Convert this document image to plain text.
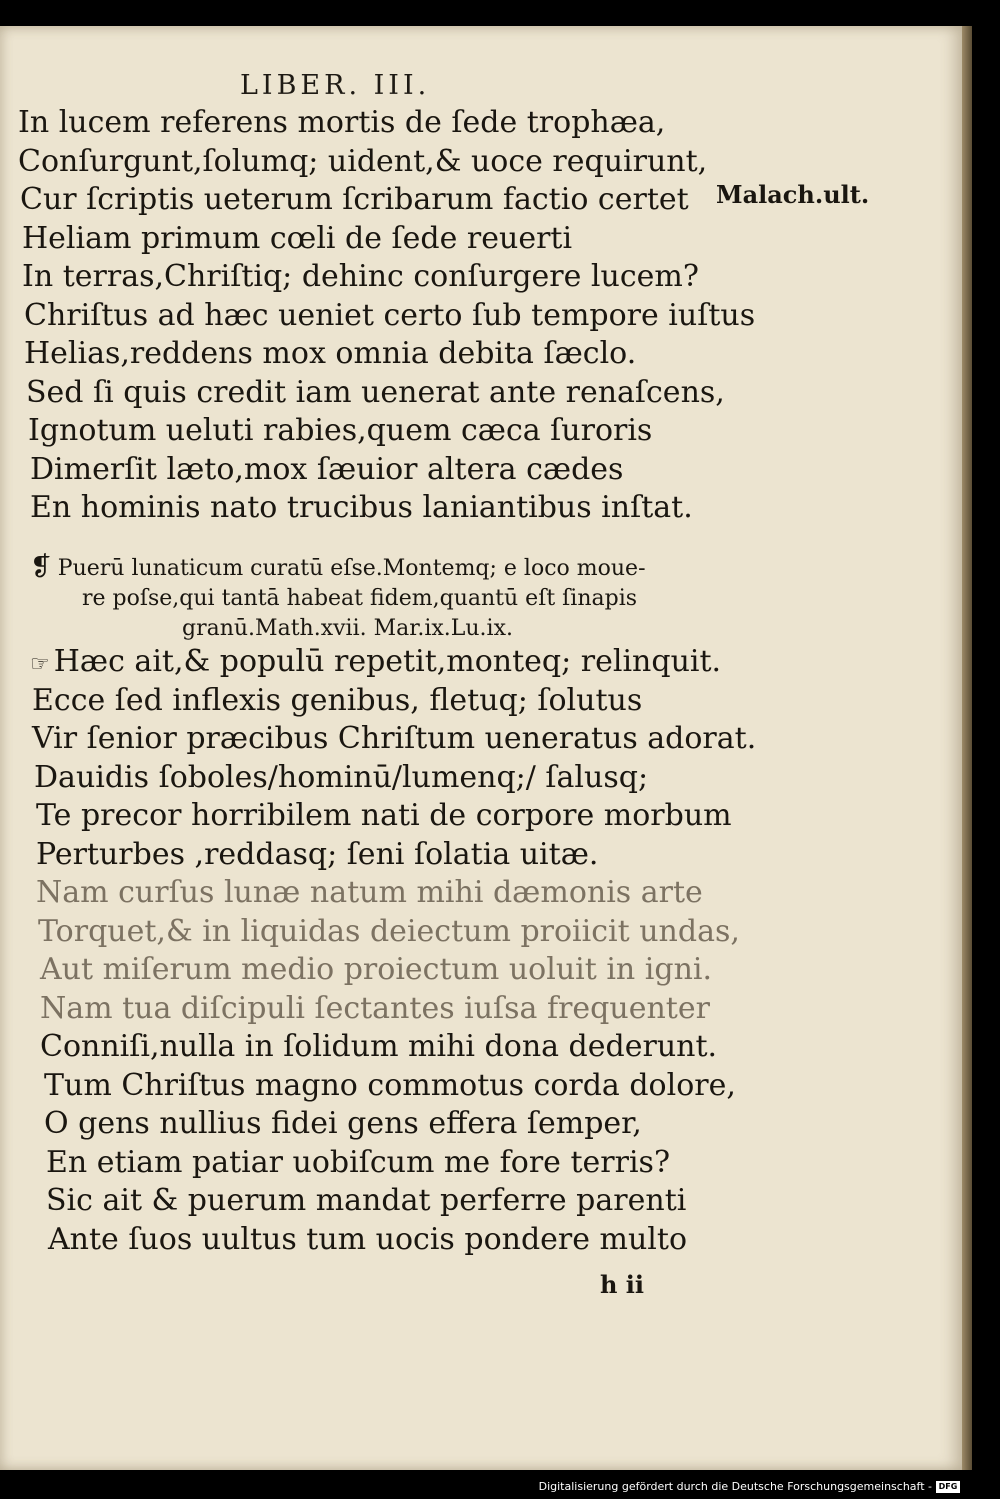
LIBER. III.
In lucem referens mortis de ſede trophæa,
Conſurgunt,ſolumq; uident,& uoce requirunt,
Cur ſcriptis ueterum ſcribarum factio certet
Heliam primum cœli de ſede reuerti
In terras,Chriſtiq; dehinc conſurgere lucem?
Chriſtus ad hæc ueniet certo ſub tempore iuſtus
Helias,reddens mox omnia debita ſæclo.
Sed ſi quis credit iam uenerat ante renaſcens,
Ignotum ueluti rabies,quem cæca ſuroris
Dimerſit læto,mox ſæuior altera cædes
En hominis nato trucibus laniantibus inſtat.
Malach.ult.
❡ Puerū lunaticum curatū eſse.Montemq; e loco moue-
re poſse,qui tantā habeat fidem,quantū eſt ſinapis
granū.Math.xvii. Mar.ix.Lu.ix.
☞ Hæc ait,& populū repetit,monteq; relinquit.
Ecce ſed inflexis genibus, fletuq; ſolutus
Vir ſenior præcibus Chriſtum ueneratus adorat.
Dauidis ſoboles/hominū/lumenq;/ ſalusq;
Te precor horribilem nati de corpore morbum
Perturbes ,reddasq; ſeni ſolatia uitæ.
Nam curſus lunæ natum mihi dæmonis arte
Torquet,& in liquidas deiectum proiicit undas,
Aut miſerum medio proiectum uoluit in igni.
Nam tua diſcipuli ſectantes iuſsa frequenter
Conniſi,nulla in ſolidum mihi dona dederunt.
Tum Chriſtus magno commotus corda dolore,
O gens nullius fidei gens effera ſemper,
En etiam patiar uobiſcum me fore terris?
Sic ait & puerum mandat perferre parenti
Ante ſuos uultus tum uocis pondere multo
h ii
Digitalisierung gefördert durch die Deutsche Forschungsgemeinschaft - DFG
